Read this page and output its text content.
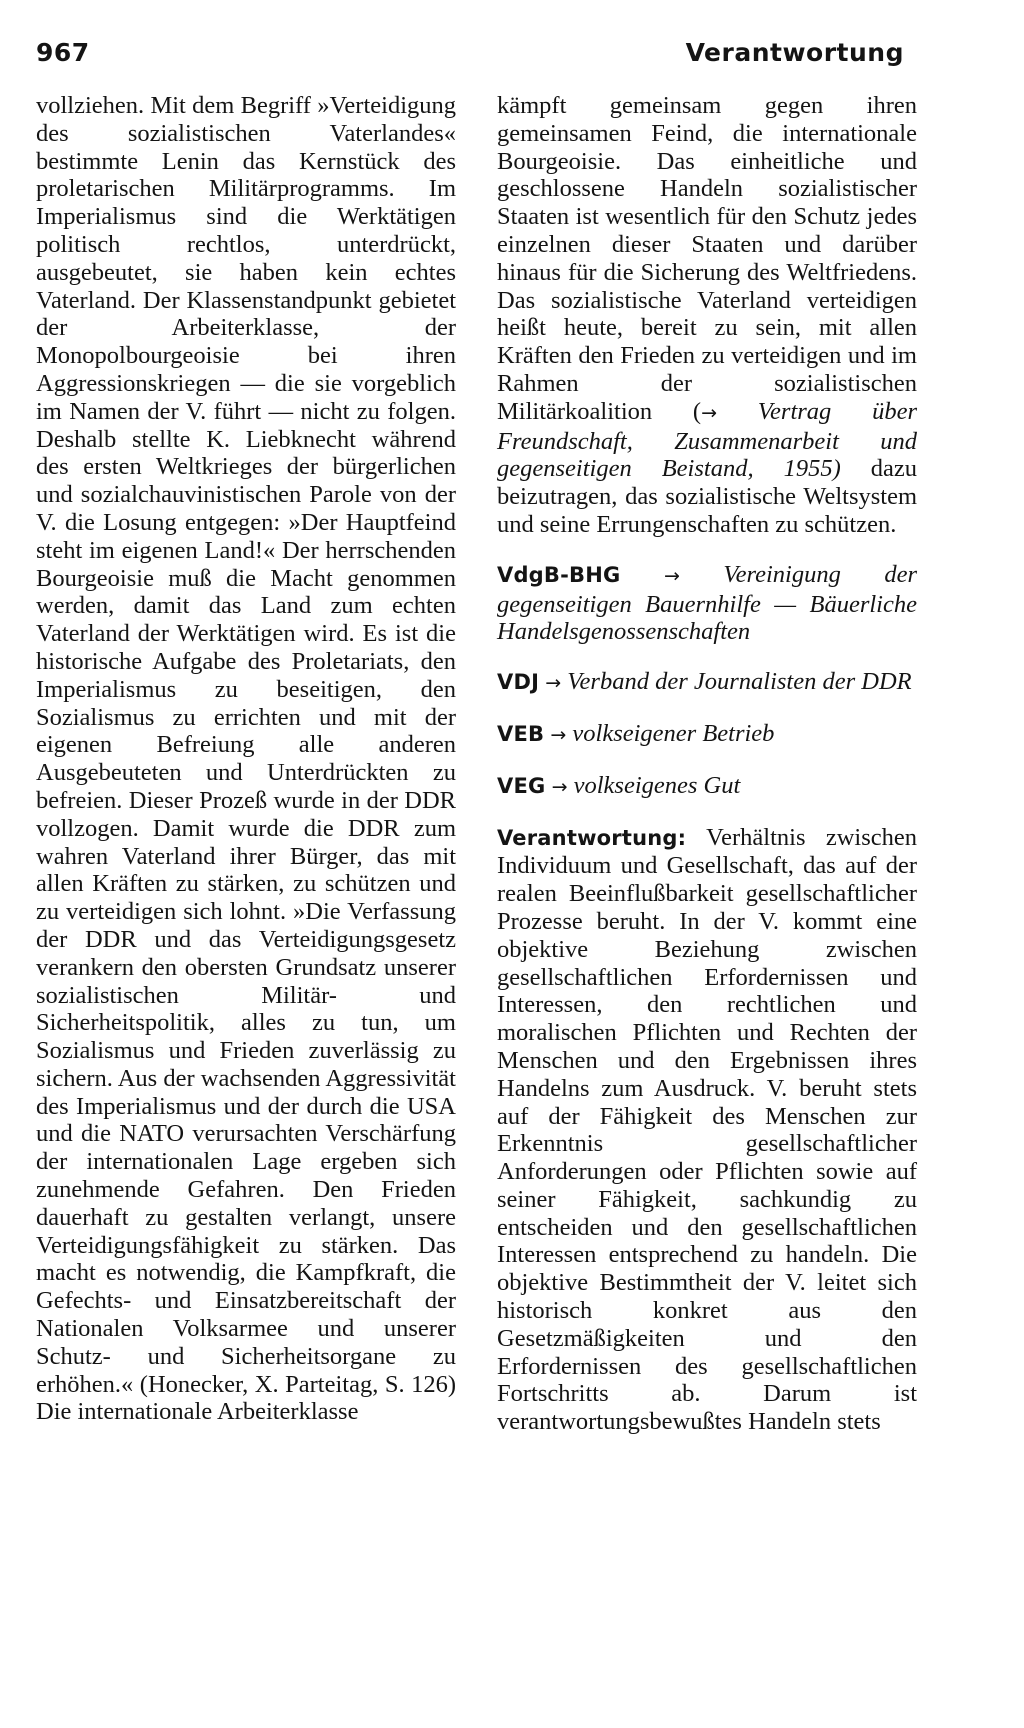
967	Verantwortung

vollziehen. Mit dem Begriff »Verteidigung des sozialistischen Vaterlandes« bestimmte Lenin das Kernstück des proletarischen Militärprogramms. Im Imperialismus sind die Werktätigen politisch rechtlos, unterdrückt, ausgebeutet, sie haben kein echtes Vaterland. Der Klassenstandpunkt gebietet der Arbeiterklasse, der Monopolbourgeoisie bei ihren Aggressionskriegen — die sie vorgeblich im Namen der V. führt — nicht zu folgen. Deshalb stellte K. Liebknecht während des ersten Weltkrieges der bürgerlichen und sozialchauvinistischen Parole von der V. die Losung entgegen: »Der Hauptfeind steht im eigenen Land!« Der herrschenden Bourgeoisie muß die Macht genommen werden, damit das Land zum echten Vaterland der Werktätigen wird. Es ist die historische Aufgabe des Proletariats, den Imperialismus zu beseitigen, den Sozialismus zu errichten und mit der eigenen Befreiung alle anderen Ausgebeuteten und Unterdrückten zu befreien. Dieser Prozeß wurde in der DDR vollzogen. Damit wurde die DDR zum wahren Vaterland ihrer Bürger, das mit allen Kräften zu stärken, zu schützen und zu verteidigen sich lohnt. »Die Verfassung der DDR und das Verteidigungsgesetz verankern den obersten Grundsatz unserer sozialistischen Militär- und Sicherheitspolitik, alles zu tun, um Sozialismus und Frieden zuverlässig zu sichern. Aus der wachsenden Aggressivität des Imperialismus und der durch die USA und die NATO verursachten Verschärfung der internationalen Lage ergeben sich zunehmende Gefahren. Den Frieden dauerhaft zu gestalten verlangt, unsere Verteidigungsfähigkeit zu stärken. Das macht es notwendig, die Kampfkraft, die Gefechts- und Einsatzbereitschaft der Nationalen Volksarmee und unserer Schutz- und Sicherheitsorgane zu erhöhen.« (Honecker, X. Parteitag, S. 126) Die internationale Arbeiterklasse

kämpft gemeinsam gegen ihren gemeinsamen Feind, die internationale Bourgeoisie. Das einheitliche und geschlossene Handeln sozialistischer Staaten ist wesentlich für den Schutz jedes einzelnen dieser Staaten und darüber hinaus für die Sicherung des Weltfriedens. Das sozialistische Vaterland verteidigen heißt heute, bereit zu sein, mit allen Kräften den Frieden zu verteidigen und im Rahmen der sozialistischen Militärkoalition (→ Vertrag über Freundschaft, Zusammenarbeit und gegenseitigen Beistand, 1955) dazu beizutragen, das sozialistische Weltsystem und seine Errungenschaften zu schützen.

VdgB-BHG → Vereinigung der gegenseitigen Bauernhilfe — Bäuerliche Handelsgenossenschaften

VDJ → Verband der Journalisten der DDR

VEB → volkseigener Betrieb

VEG → volkseigenes Gut

Verantwortung: Verhältnis zwischen Individuum und Gesellschaft, das auf der realen Beeinflußbarkeit gesellschaftlicher Prozesse beruht. In der V. kommt eine objektive Beziehung zwischen gesellschaftlichen Erfordernissen und Interessen, den rechtlichen und moralischen Pflichten und Rechten der Menschen und den Ergebnissen ihres Handelns zum Ausdruck. V. beruht stets auf der Fähigkeit des Menschen zur Erkenntnis gesellschaftlicher Anforderungen oder Pflichten sowie auf seiner Fähigkeit, sachkundig zu entscheiden und den gesellschaftlichen Interessen entsprechend zu handeln. Die objektive Bestimmtheit der V. leitet sich historisch konkret aus den Gesetzmäßigkeiten und den Erfordernissen des gesellschaftlichen Fortschritts ab. Darum ist verantwortungsbewußtes Handeln stets
